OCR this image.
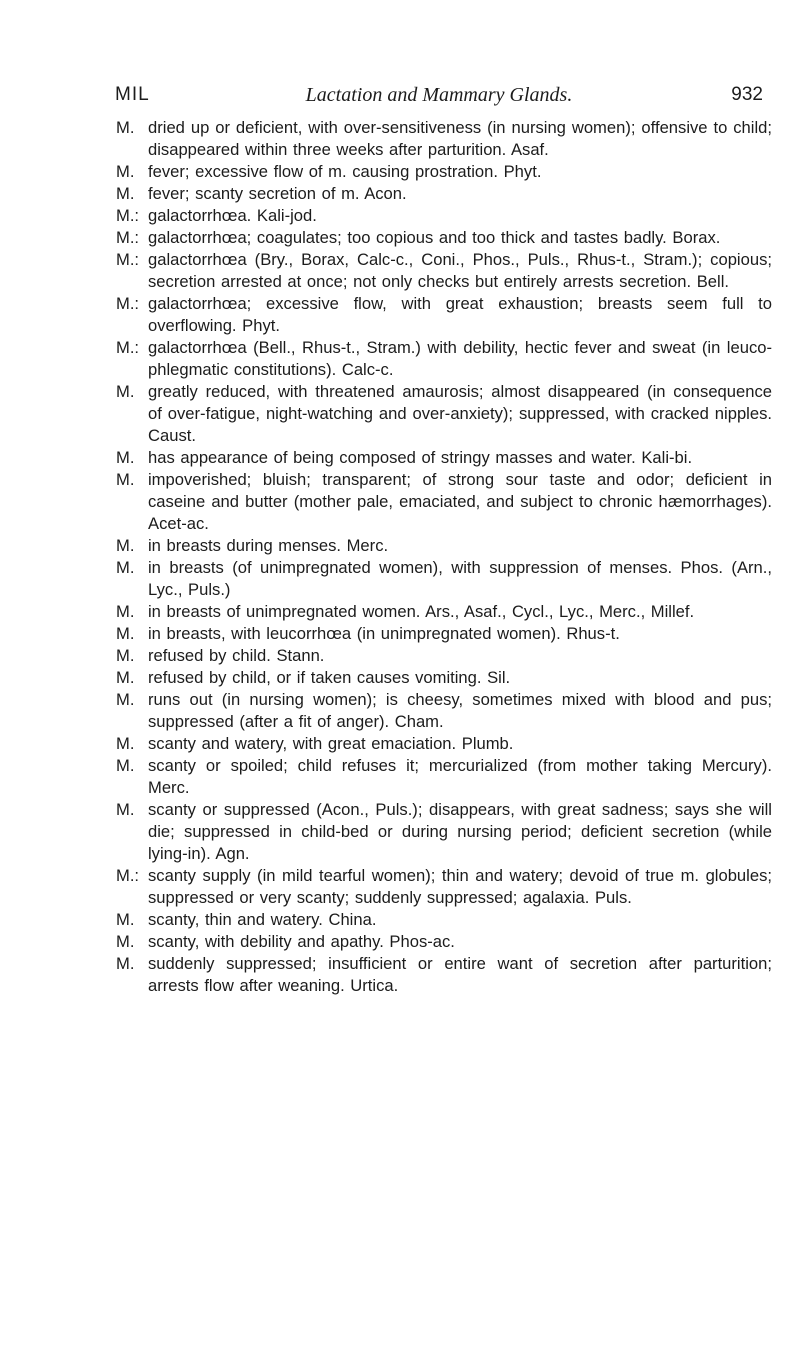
MIL	Lactation and Mammary Glands.	932
M. dried up or deficient, with over-sensitiveness (in nursing women); offensive to child; disappeared within three weeks after parturition. Asaf.
M. fever; excessive flow of m. causing prostration. Phyt.
M. fever; scanty secretion of m. Acon.
M.: galactorrhœa. Kali-jod.
M.: galactorrhœa; coagulates; too copious and too thick and tastes badly. Borax.
M.: galactorrhœa (Bry., Borax, Calc-c., Coni., Phos., Puls., Rhus-t., Stram.); copious; secretion arrested at once; not only checks but entirely arrests secretion. Bell.
M.: galactorrhœa; excessive flow, with great exhaustion; breasts seem full to overflowing. Phyt.
M.: galactorrhœa (Bell., Rhus-t., Stram.) with debility, hectic fever and sweat (in leuco-phlegmatic constitutions). Calc-c.
M. greatly reduced, with threatened amaurosis; almost disappeared (in consequence of over-fatigue, night-watching and over-anxiety); suppressed, with cracked nipples. Caust.
M. has appearance of being composed of stringy masses and water. Kali-bi.
M. impoverished; bluish; transparent; of strong sour taste and odor; deficient in caseine and butter (mother pale, emaciated, and subject to chronic hæmorrhages). Acet-ac.
M. in breasts during menses. Merc.
M. in breasts (of unimpregnated women), with suppression of menses. Phos. (Arn., Lyc., Puls.)
M. in breasts of unimpregnated women. Ars., Asaf., Cycl., Lyc., Merc., Millef.
M. in breasts, with leucorrhœa (in unimpregnated women). Rhus-t.
M. refused by child. Stann.
M. refused by child, or if taken causes vomiting. Sil.
M. runs out (in nursing women); is cheesy, sometimes mixed with blood and pus; suppressed (after a fit of anger). Cham.
M. scanty and watery, with great emaciation. Plumb.
M. scanty or spoiled; child refuses it; mercurialized (from mother taking Mercury). Merc.
M. scanty or suppressed (Acon., Puls.); disappears, with great sadness; says she will die; suppressed in child-bed or during nursing period; deficient secretion (while lying-in). Agn.
M.: scanty supply (in mild tearful women); thin and watery; devoid of true m. globules; suppressed or very scanty; suddenly suppressed; agalaxia. Puls.
M. scanty, thin and watery. China.
M. scanty, with debility and apathy. Phos-ac.
M. suddenly suppressed; insufficient or entire want of secretion after parturition; arrests flow after weaning. Urtica.
